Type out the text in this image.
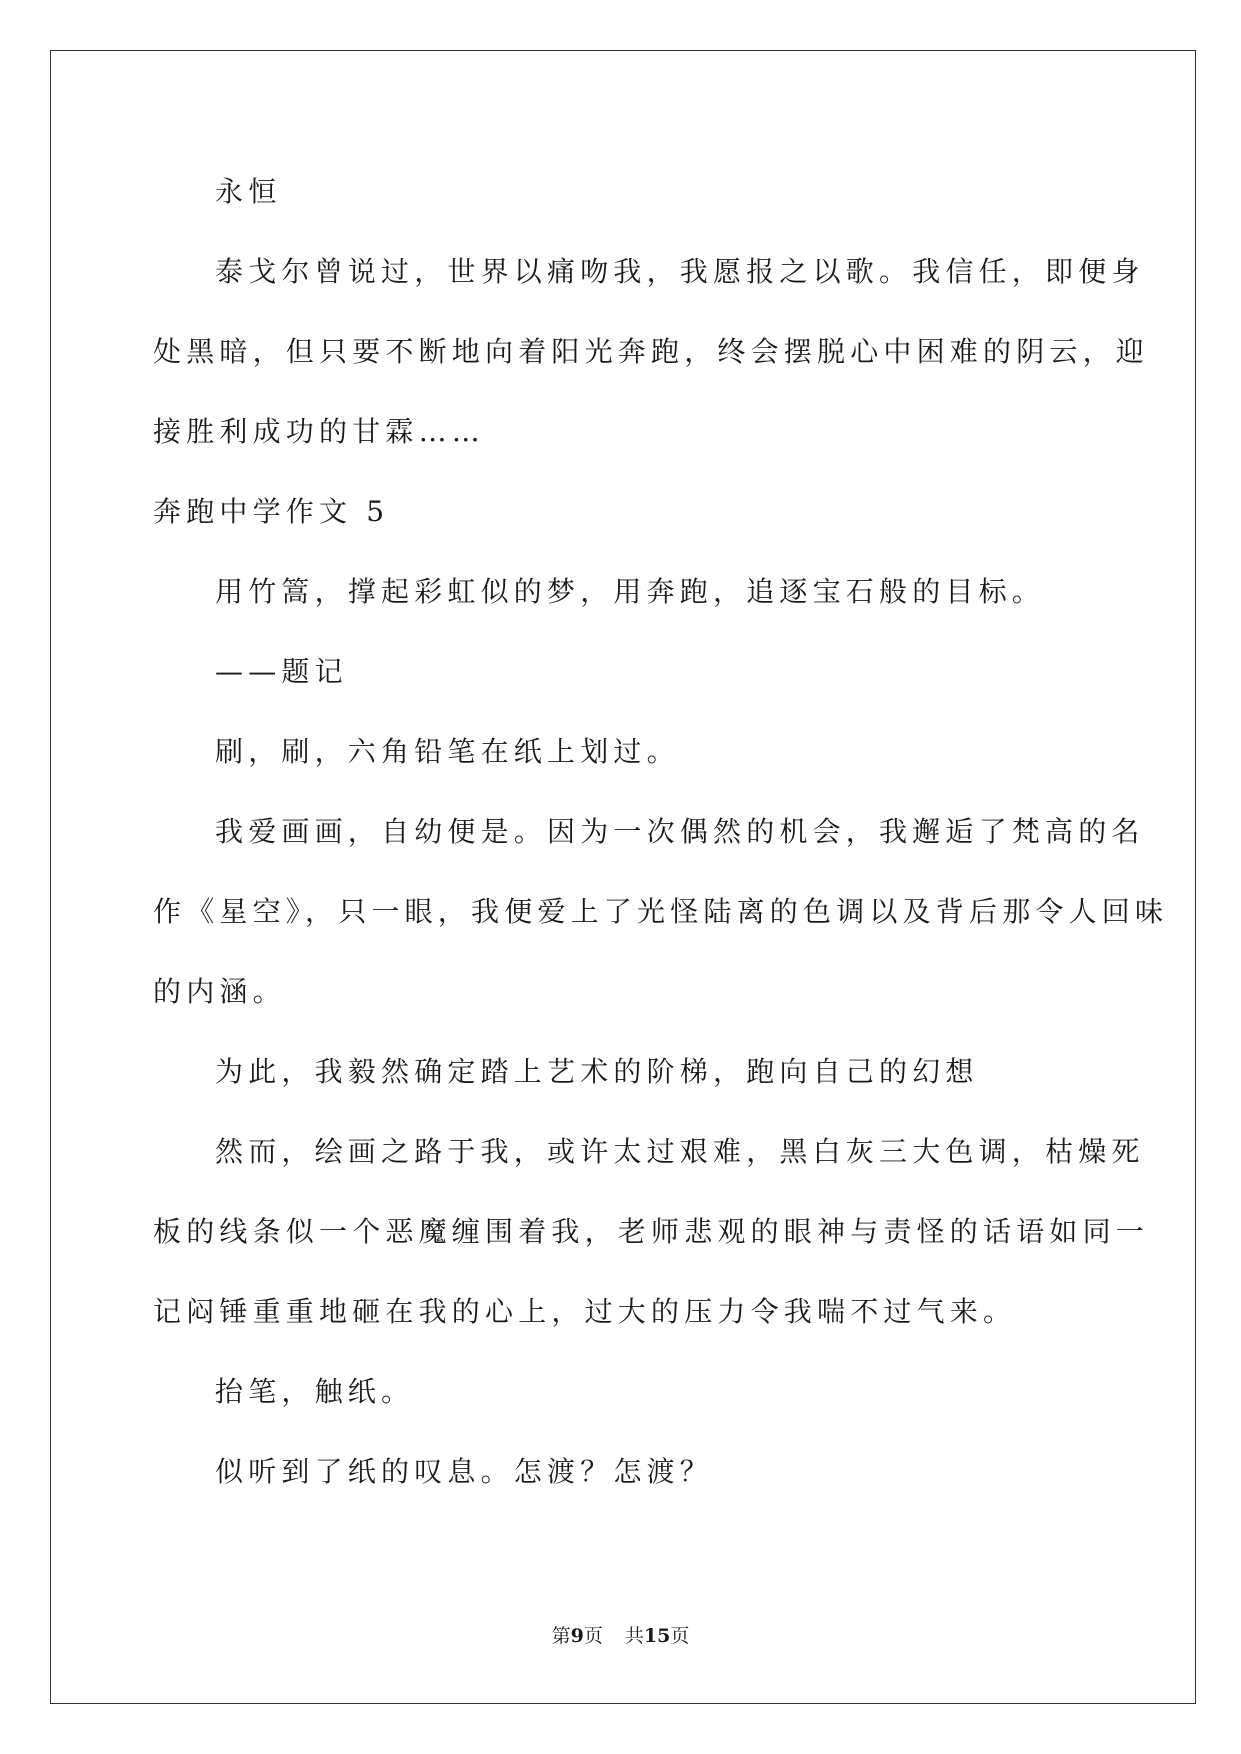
永恒
泰戈尔曾说过，世界以痛吻我，我愿报之以歌。我信任，即便身
处黑暗，但只要不断地向着阳光奔跑，终会摆脱心中困难的阴云，迎
接胜利成功的甘霖……
奔跑中学作文 5
用竹篙，撑起彩虹似的梦，用奔跑，追逐宝石般的目标。
——题记
刷，刷，六角铅笔在纸上划过。
我爱画画，自幼便是。因为一次偶然的机会，我邂逅了梵高的名
作《星空》，只一眼，我便爱上了光怪陆离的色调以及背后那令人回味
的内涵。
为此，我毅然确定踏上艺术的阶梯，跑向自己的幻想
然而，绘画之路于我，或许太过艰难，黑白灰三大色调，枯燥死
板的线条似一个恶魔缠围着我，老师悲观的眼神与责怪的话语如同一
记闷锤重重地砸在我的心上，过大的压力令我喘不过气来。
抬笔，触纸。
似听到了纸的叹息。怎渡？怎渡？
第9页 共15页
